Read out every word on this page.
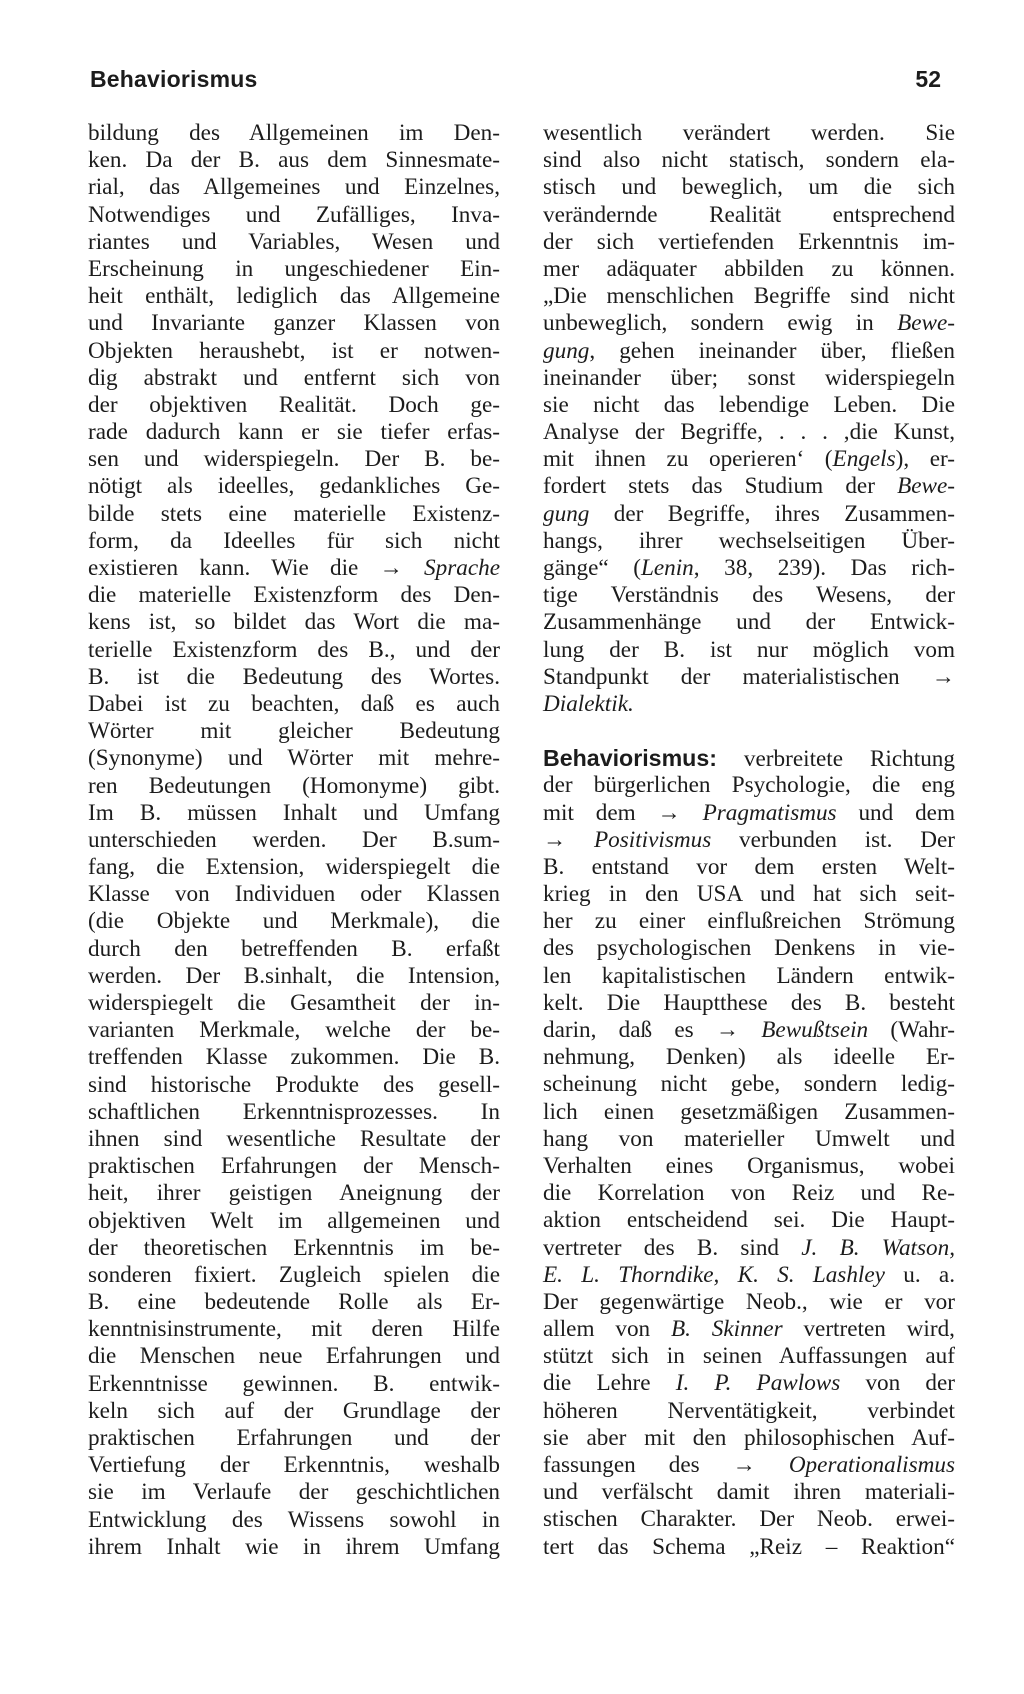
Behaviorismus	52
bildung des Allgemeinen im Den-
ken. Da der B. aus dem Sinnesmate-
rial, das Allgemeines und Einzelnes,
Notwendiges und Zufälliges, Inva-
riantes und Variables, Wesen und
Erscheinung in ungeschiedener Ein-
heit enthält, lediglich das Allgemeine
und Invariante ganzer Klassen von
Objekten heraushebt, ist er notwen-
dig abstrakt und entfernt sich von
der objektiven Realität. Doch ge-
rade dadurch kann er sie tiefer erfas-
sen und widerspiegeln. Der B. be-
nötigt als ideelles, gedankliches Ge-
bilde stets eine materielle Existenz-
form, da Ideelles für sich nicht
existieren kann. Wie die → Sprache
die materielle Existenzform des Den-
kens ist, so bildet das Wort die ma-
terielle Existenzform des B., und der
B. ist die Bedeutung des Wortes.
Dabei ist zu beachten, daß es auch
Wörter mit gleicher Bedeutung
(Synonyme) und Wörter mit mehre-
ren Bedeutungen (Homonyme) gibt.
Im B. müssen Inhalt und Umfang
unterschieden werden. Der B.sum-
fang, die Extension, widerspiegelt die
Klasse von Individuen oder Klassen
(die Objekte und Merkmale), die
durch den betreffenden B. erfaßt
werden. Der B.sinhalt, die Intension,
widerspiegelt die Gesamtheit der in-
varianten Merkmale, welche der be-
treffenden Klasse zukommen. Die B.
sind historische Produkte des gesell-
schaftlichen Erkenntnisprozesses. In
ihnen sind wesentliche Resultate der
praktischen Erfahrungen der Mensch-
heit, ihrer geistigen Aneignung der
objektiven Welt im allgemeinen und
der theoretischen Erkenntnis im be-
sonderen fixiert. Zugleich spielen die
B. eine bedeutende Rolle als Er-
kenntnisinstrumente, mit deren Hilfe
die Menschen neue Erfahrungen und
Erkenntnisse gewinnen. B. entwik-
keln sich auf der Grundlage der
praktischen Erfahrungen und der
Vertiefung der Erkenntnis, weshalb
sie im Verlaufe der geschichtlichen
Entwicklung des Wissens sowohl in
ihrem Inhalt wie in ihrem Umfang
wesentlich verändert werden. Sie
sind also nicht statisch, sondern ela-
stisch und beweglich, um die sich
verändernde Realität entsprechend
der sich vertiefenden Erkenntnis im-
mer adäquater abbilden zu können.
„Die menschlichen Begriffe sind nicht
unbeweglich, sondern ewig in Bewe-
gung, gehen ineinander über, fließen
ineinander über; sonst widerspiegeln
sie nicht das lebendige Leben. Die
Analyse der Begriffe, . . . ,die Kunst,
mit ihnen zu operieren‘ (Engels), er-
fordert stets das Studium der Bewe-
gung der Begriffe, ihres Zusammen-
hangs, ihrer wechselseitigen Über-
gänge“ (Lenin, 38, 239). Das rich-
tige Verständnis des Wesens, der
Zusammenhänge und der Entwick-
lung der B. ist nur möglich vom
Standpunkt der materialistischen →
Dialektik.
Behaviorismus: verbreitete Richtung
der bürgerlichen Psychologie, die eng
mit dem → Pragmatismus und dem
→ Positivismus verbunden ist. Der
B. entstand vor dem ersten Welt-
krieg in den USA und hat sich seit-
her zu einer einflußreichen Strömung
des psychologischen Denkens in vie-
len kapitalistischen Ländern entwik-
kelt. Die Hauptthese des B. besteht
darin, daß es → Bewußtsein (Wahr-
nehmung, Denken) als ideelle Er-
scheinung nicht gebe, sondern ledig-
lich einen gesetzmäßigen Zusammen-
hang von materieller Umwelt und
Verhalten eines Organismus, wobei
die Korrelation von Reiz und Re-
aktion entscheidend sei. Die Haupt-
vertreter des B. sind J. B. Watson,
E. L. Thorndike, K. S. Lashley u. a.
Der gegenwärtige Neob., wie er vor
allem von B. Skinner vertreten wird,
stützt sich in seinen Auffassungen auf
die Lehre I. P. Pawlows von der
höheren Nerventätigkeit, verbindet
sie aber mit den philosophischen Auf-
fassungen des → Operationalismus
und verfälscht damit ihren materiali-
stischen Charakter. Der Neob. erwei-
tert das Schema „Reiz – Reaktion“
